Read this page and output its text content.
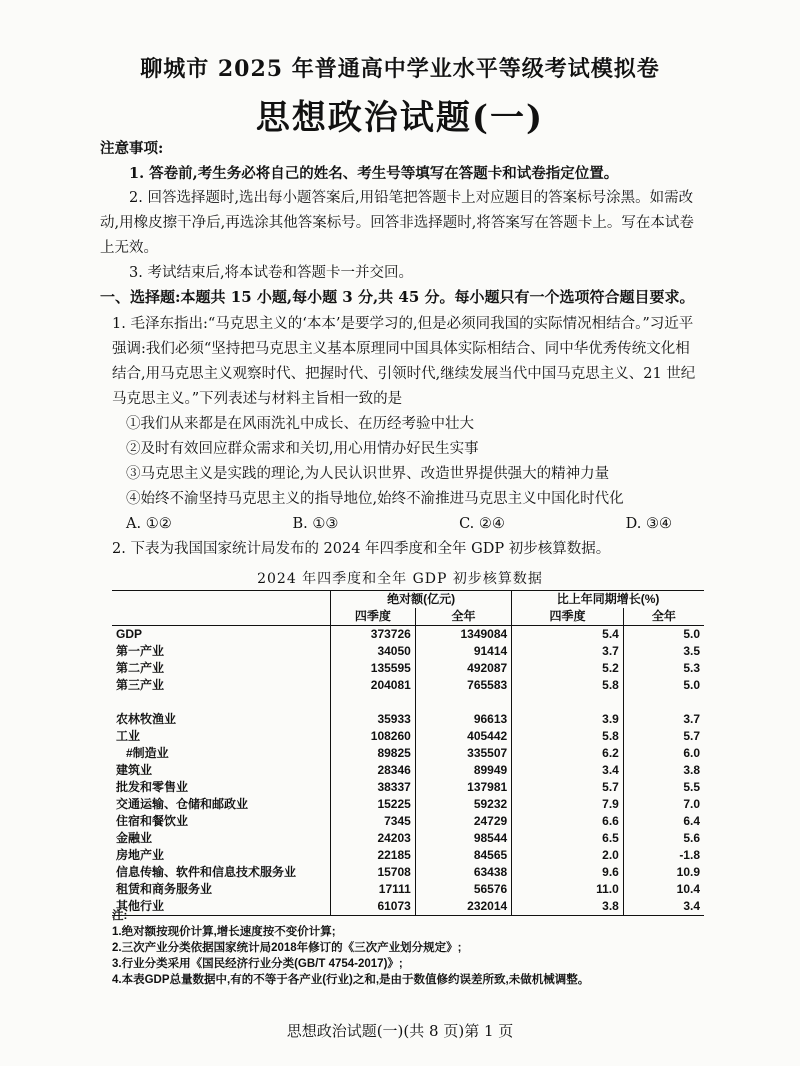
聊城市 2025 年普通高中学业水平等级考试模拟卷
思想政治试题(一)
注意事项:

1. 答卷前,考生务必将自己的姓名、考生号等填写在答题卡和试卷指定位置。

2. 回答选择题时,选出每小题答案后,用铅笔把答题卡上对应题目的答案标号涂黑。如需改动,用橡皮擦干净后,再选涂其他答案标号。回答非选择题时,将答案写在答题卡上。写在本试卷上无效。

3. 考试结束后,将本试卷和答题卡一并交回。

一、选择题:本题共 15 小题,每小题 3 分,共 45 分。每小题只有一个选项符合题目要求。

1. 毛泽东指出:“马克思主义的‘本本’是要学习的,但是必须同我国的实际情况相结合。”习近平强调:我们必须“坚持把马克思主义基本原理同中国具体实际相结合、同中华优秀传统文化相结合,用马克思主义观察时代、把握时代、引领时代,继续发展当代中国马克思主义、21 世纪马克思主义。”下列表述与材料主旨相一致的是

①我们从来都是在风雨洗礼中成长、在历经考验中壮大

②及时有效回应群众需求和关切,用心用情办好民生实事

③马克思主义是实践的理论,为人民认识世界、改造世界提供强大的精神力量

④始终不渝坚持马克思主义的指导地位,始终不渝推进马克思主义中国化时代化

A. ①②	B. ①③	C. ②④	D. ③④
2. 下表为我国国家统计局发布的 2024 年四季度和全年 GDP 初步核算数据。
2024 年四季度和全年 GDP 初步核算数据
	绝对额(亿元)		比上年同期增长(%)	
	四季度	全年	四季度	全年
GDP	373726	1349084	5.4	5.0
第一产业	34050	91414	3.7	3.5
第二产业	135595	492087	5.2	5.3
第三产业	204081	765583	5.8	5.0

农林牧渔业	35933	96613	3.9	3.7
工业	108260	405442	5.8	5.7
#制造业	89825	335507	6.2	6.0
建筑业	28346	89949	3.4	3.8
批发和零售业	38337	137981	5.7	5.5
交通运输、仓储和邮政业	15225	59232	7.9	7.0
住宿和餐饮业	7345	24729	6.6	6.4
金融业	24203	98544	6.5	5.6
房地产业	22185	84565	2.0	-1.8
信息传输、软件和信息技术服务业	15708	63438	9.6	10.9
租赁和商务服务业	17111	56576	11.0	10.4
其他行业	61073	232014	3.8	3.4

注:

1.绝对额按现价计算,增长速度按不变价计算;

2.三次产业分类依据国家统计局2018年修订的《三次产业划分规定》;

3.行业分类采用《国民经济行业分类(GB/T 4754-2017)》;

4.本表GDP总量数据中,有的不等于各产业(行业)之和,是由于数值修约误差所致,未做机械调整。

思想政治试题(一)(共 8 页)第 1 页
